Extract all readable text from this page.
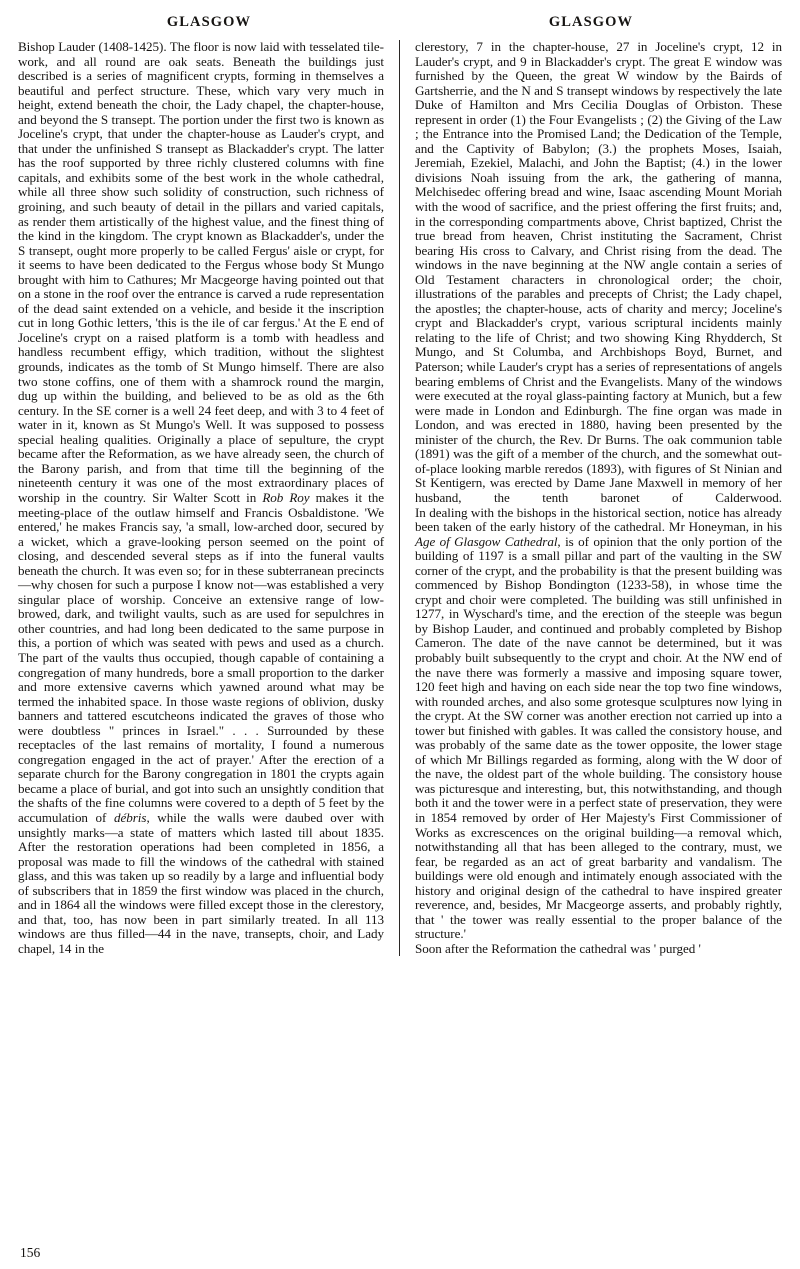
GLASGOW	GLASGOW

Bishop Lauder (1408-1425). The floor is now laid with tesselated tile-work, and all round are oak seats. Beneath the buildings just described is a series of magnificent crypts, forming in themselves a beautiful and perfect structure. These, which vary very much in height, extend beneath the choir, the Lady chapel, the chapter-house, and beyond the S transept. The portion under the first two is known as Joceline's crypt, that under the chapter-house as Lauder's crypt, and that under the unfinished S transept as Blackadder's crypt. The latter has the roof supported by three richly clustered columns with fine capitals, and exhibits some of the best work in the whole cathedral, while all three show such solidity of construction, such richness of groining, and such beauty of detail in the pillars and varied capitals, as render them artistically of the highest value, and the finest thing of the kind in the kingdom. The crypt known as Blackadder's, under the S transept, ought more properly to be called Fergus' aisle or crypt, for it seems to have been dedicated to the Fergus whose body St Mungo brought with him to Cathures; Mr Macgeorge having pointed out that on a stone in the roof over the entrance is carved a rude representation of the dead saint extended on a vehicle, and beside it the inscription cut in long Gothic letters, 'this is the ile of car fergus.' At the E end of Joceline's crypt on a raised platform is a tomb with headless and handless recumbent effigy, which tradition, without the slightest grounds, indicates as the tomb of St Mungo himself. There are also two stone coffins, one of them with a shamrock round the margin, dug up within the building, and believed to be as old as the 6th century. In the SE corner is a well 24 feet deep, and with 3 to 4 feet of water in it, known as St Mungo's Well. It was supposed to possess special healing qualities. Originally a place of sepulture, the crypt became after the Reformation, as we have already seen, the church of the Barony parish, and from that time till the beginning of the nineteenth century it was one of the most extraordinary places of worship in the country. Sir Walter Scott in Rob Roy makes it the meeting-place of the outlaw himself and Francis Osbaldistone. 'We entered,' he makes Francis say, 'a small, low-arched door, secured by a wicket, which a grave-looking person seemed on the point of closing, and descended several steps as if into the funeral vaults beneath the church. It was even so; for in these subterranean precincts—why chosen for such a purpose I know not—was established a very singular place of worship. Conceive an extensive range of low-browed, dark, and twilight vaults, such as are used for sepulchres in other countries, and had long been dedicated to the same purpose in this, a portion of which was seated with pews and used as a church. The part of the vaults thus occupied, though capable of containing a congregation of many hundreds, bore a small proportion to the darker and more extensive caverns which yawned around what may be termed the inhabited space. In those waste regions of oblivion, dusky banners and tattered escutcheons indicated the graves of those who were doubtless " princes in Israel." . . . Surrounded by these receptacles of the last remains of mortality, I found a numerous congregation engaged in the act of prayer.' After the erection of a separate church for the Barony congregation in 1801 the crypts again became a place of burial, and got into such an unsightly condition that the shafts of the fine columns were covered to a depth of 5 feet by the accumulation of débris, while the walls were daubed over with unsightly marks—a state of matters which lasted till about 1835.

After the restoration operations had been completed in 1856, a proposal was made to fill the windows of the cathedral with stained glass, and this was taken up so readily by a large and influential body of subscribers that in 1859 the first window was placed in the church, and in 1864 all the windows were filled except those in the clerestory, and that, too, has now been in part similarly treated. In all 113 windows are thus filled—44 in the nave, transepts, choir, and Lady chapel, 14 in the

clerestory, 7 in the chapter-house, 27 in Joceline's crypt, 12 in Lauder's crypt, and 9 in Blackadder's crypt. The great E window was furnished by the Queen, the great W window by the Bairds of Gartsherrie, and the N and S transept windows by respectively the late Duke of Hamilton and Mrs Cecilia Douglas of Orbiston. These represent in order (1) the Four Evangelists ; (2) the Giving of the Law ; the Entrance into the Promised Land; the Dedication of the Temple, and the Captivity of Babylon; (3.) the prophets Moses, Isaiah, Jeremiah, Ezekiel, Malachi, and John the Baptist; (4.) in the lower divisions Noah issuing from the ark, the gathering of manna, Melchisedec offering bread and wine, Isaac ascending Mount Moriah with the wood of sacrifice, and the priest offering the first fruits; and, in the corresponding compartments above, Christ baptized, Christ the true bread from heaven, Christ instituting the Sacrament, Christ bearing His cross to Calvary, and Christ rising from the dead. The windows in the nave beginning at the NW angle contain a series of Old Testament characters in chronological order; the choir, illustrations of the parables and precepts of Christ; the Lady chapel, the apostles; the chapter-house, acts of charity and mercy; Joceline's crypt and Blackadder's crypt, various scriptural incidents mainly relating to the life of Christ; and two showing King Rhydderch, St Mungo, and St Columba, and Archbishops Boyd, Burnet, and Paterson; while Lauder's crypt has a series of representations of angels bearing emblems of Christ and the Evangelists. Many of the windows were executed at the royal glass-painting factory at Munich, but a few were made in London and Edinburgh. The fine organ was made in London, and was erected in 1880, having been presented by the minister of the church, the Rev. Dr Burns. The oak communion table (1891) was the gift of a member of the church, and the somewhat out-of-place looking marble reredos (1893), with figures of St Ninian and St Kentigern, was erected by Dame Jane Maxwell in memory of her husband, the tenth baronet of Calderwood.

In dealing with the bishops in the historical section, notice has already been taken of the early history of the cathedral. Mr Honeyman, in his Age of Glasgow Cathedral, is of opinion that the only portion of the building of 1197 is a small pillar and part of the vaulting in the SW corner of the crypt, and the probability is that the present building was commenced by Bishop Bondington (1233-58), in whose time the crypt and choir were completed. The building was still unfinished in 1277, in Wyschard's time, and the erection of the steeple was begun by Bishop Lauder, and continued and probably completed by Bishop Cameron. The date of the nave cannot be determined, but it was probably built subsequently to the crypt and choir. At the NW end of the nave there was formerly a massive and imposing square tower, 120 feet high and having on each side near the top two fine windows, with rounded arches, and also some grotesque sculptures now lying in the crypt. At the SW corner was another erection not carried up into a tower but finished with gables. It was called the consistory house, and was probably of the same date as the tower opposite, the lower stage of which Mr Billings regarded as forming, along with the W door of the nave, the oldest part of the whole building. The consistory house was picturesque and interesting, but, this notwithstanding, and though both it and the tower were in a perfect state of preservation, they were in 1854 removed by order of Her Majesty's First Commissioner of Works as excrescences on the original building—a removal which, notwithstanding all that has been alleged to the contrary, must, we fear, be regarded as an act of great barbarity and vandalism. The buildings were old enough and intimately enough associated with the history and original design of the cathedral to have inspired greater reverence, and, besides, Mr Macgeorge asserts, and probably rightly, that ' the tower was really essential to the proper balance of the structure.'

Soon after the Reformation the cathedral was ' purged '

156
